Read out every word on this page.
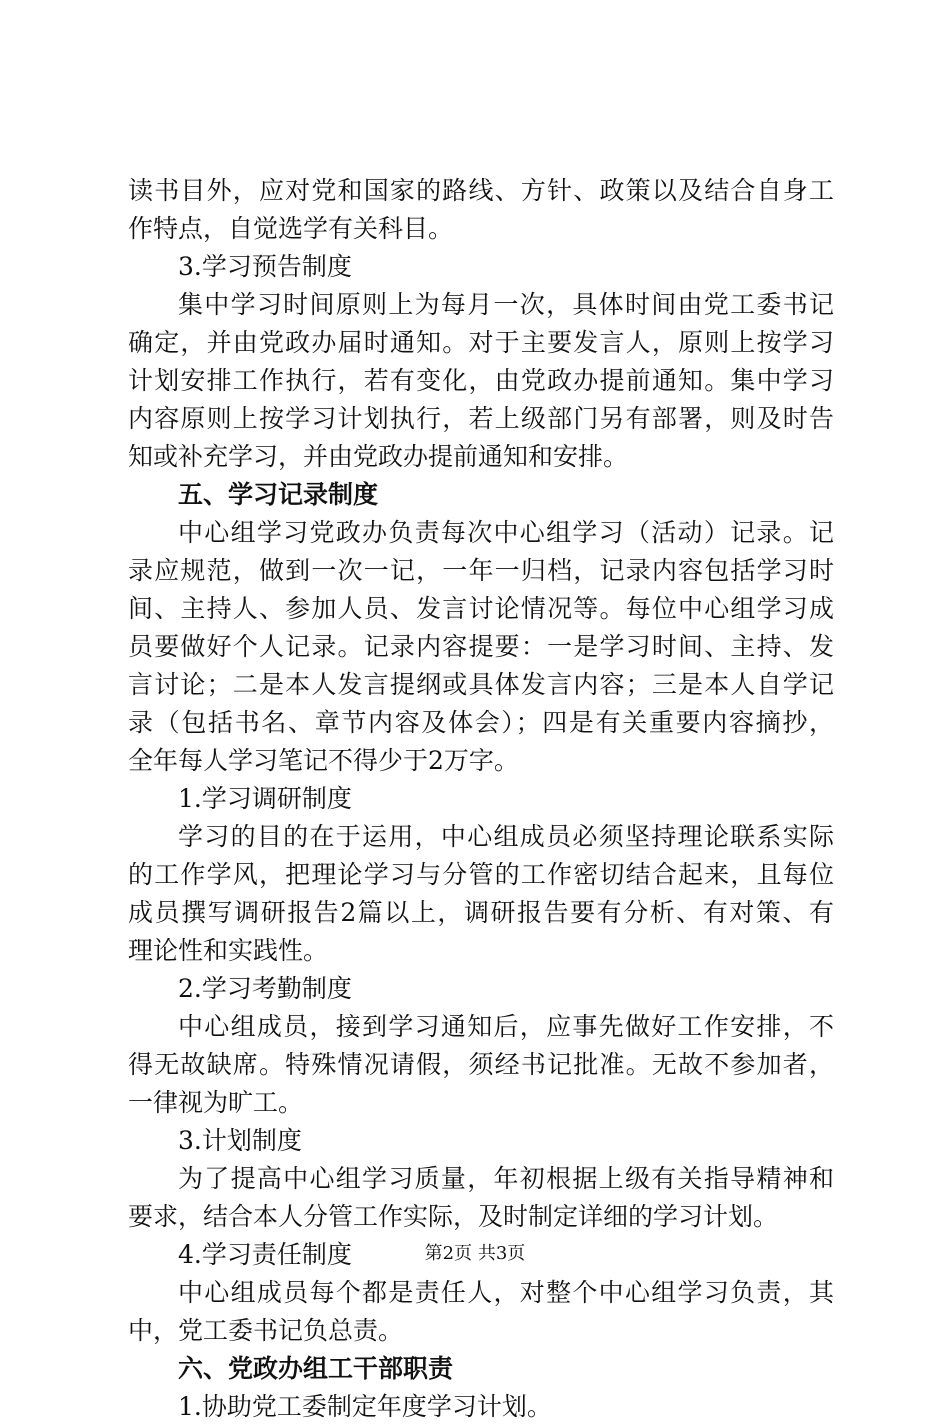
读书目外，应对党和国家的路线、方针、政策以及结合自身工
作特点，自觉选学有关科目。
3.学习预告制度
集中学习时间原则上为每月一次，具体时间由党工委书记
确定，并由党政办届时通知。对于主要发言人，原则上按学习
计划安排工作执行，若有变化，由党政办提前通知。集中学习
内容原则上按学习计划执行，若上级部门另有部署，则及时告
知或补充学习，并由党政办提前通知和安排。
五、学习记录制度
中心组学习党政办负责每次中心组学习（活动）记录。记
录应规范，做到一次一记，一年一归档，记录内容包括学习时
间、主持人、参加人员、发言讨论情况等。每位中心组学习成
员要做好个人记录。记录内容提要：一是学习时间、主持、发
言讨论；二是本人发言提纲或具体发言内容；三是本人自学记
录（包括书名、章节内容及体会）；四是有关重要内容摘抄，
全年每人学习笔记不得少于2万字。
1.学习调研制度
学习的目的在于运用，中心组成员必须坚持理论联系实际
的工作学风，把理论学习与分管的工作密切结合起来，且每位
成员撰写调研报告2篇以上，调研报告要有分析、有对策、有
理论性和实践性。
2.学习考勤制度
中心组成员，接到学习通知后，应事先做好工作安排，不
得无故缺席。特殊情况请假，须经书记批准。无故不参加者，
一律视为旷工。
3.计划制度
为了提高中心组学习质量，年初根据上级有关指导精神和
要求，结合本人分管工作实际，及时制定详细的学习计划。
4.学习责任制度
中心组成员每个都是责任人，对整个中心组学习负责，其
中，党工委书记负总责。
六、党政办组工干部职责
1.协助党工委制定年度学习计划。
第2页 共3页
